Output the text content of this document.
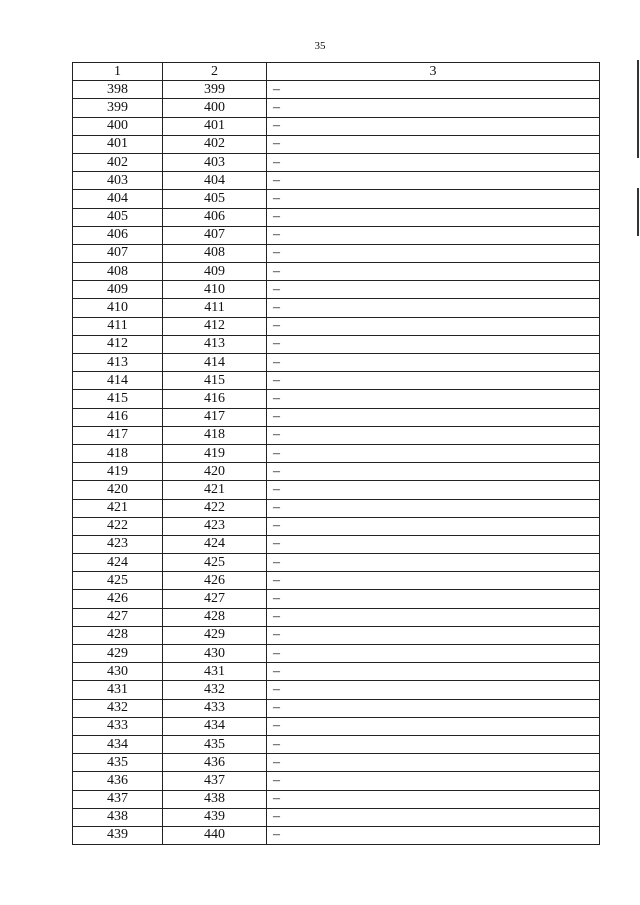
35
1	2	3
398	399	–
399	400	–
400	401	–
401	402	–
402	403	–
403	404	–
404	405	–
405	406	–
406	407	–
407	408	–
408	409	–
409	410	–
410	411	–
411	412	–
412	413	–
413	414	–
414	415	–
415	416	–
416	417	–
417	418	–
418	419	–
419	420	–
420	421	–
421	422	–
422	423	–
423	424	–
424	425	–
425	426	–
426	427	–
427	428	–
428	429	–
429	430	–
430	431	–
431	432	–
432	433	–
433	434	–
434	435	–
435	436	–
436	437	–
437	438	–
438	439	–
439	440	–
